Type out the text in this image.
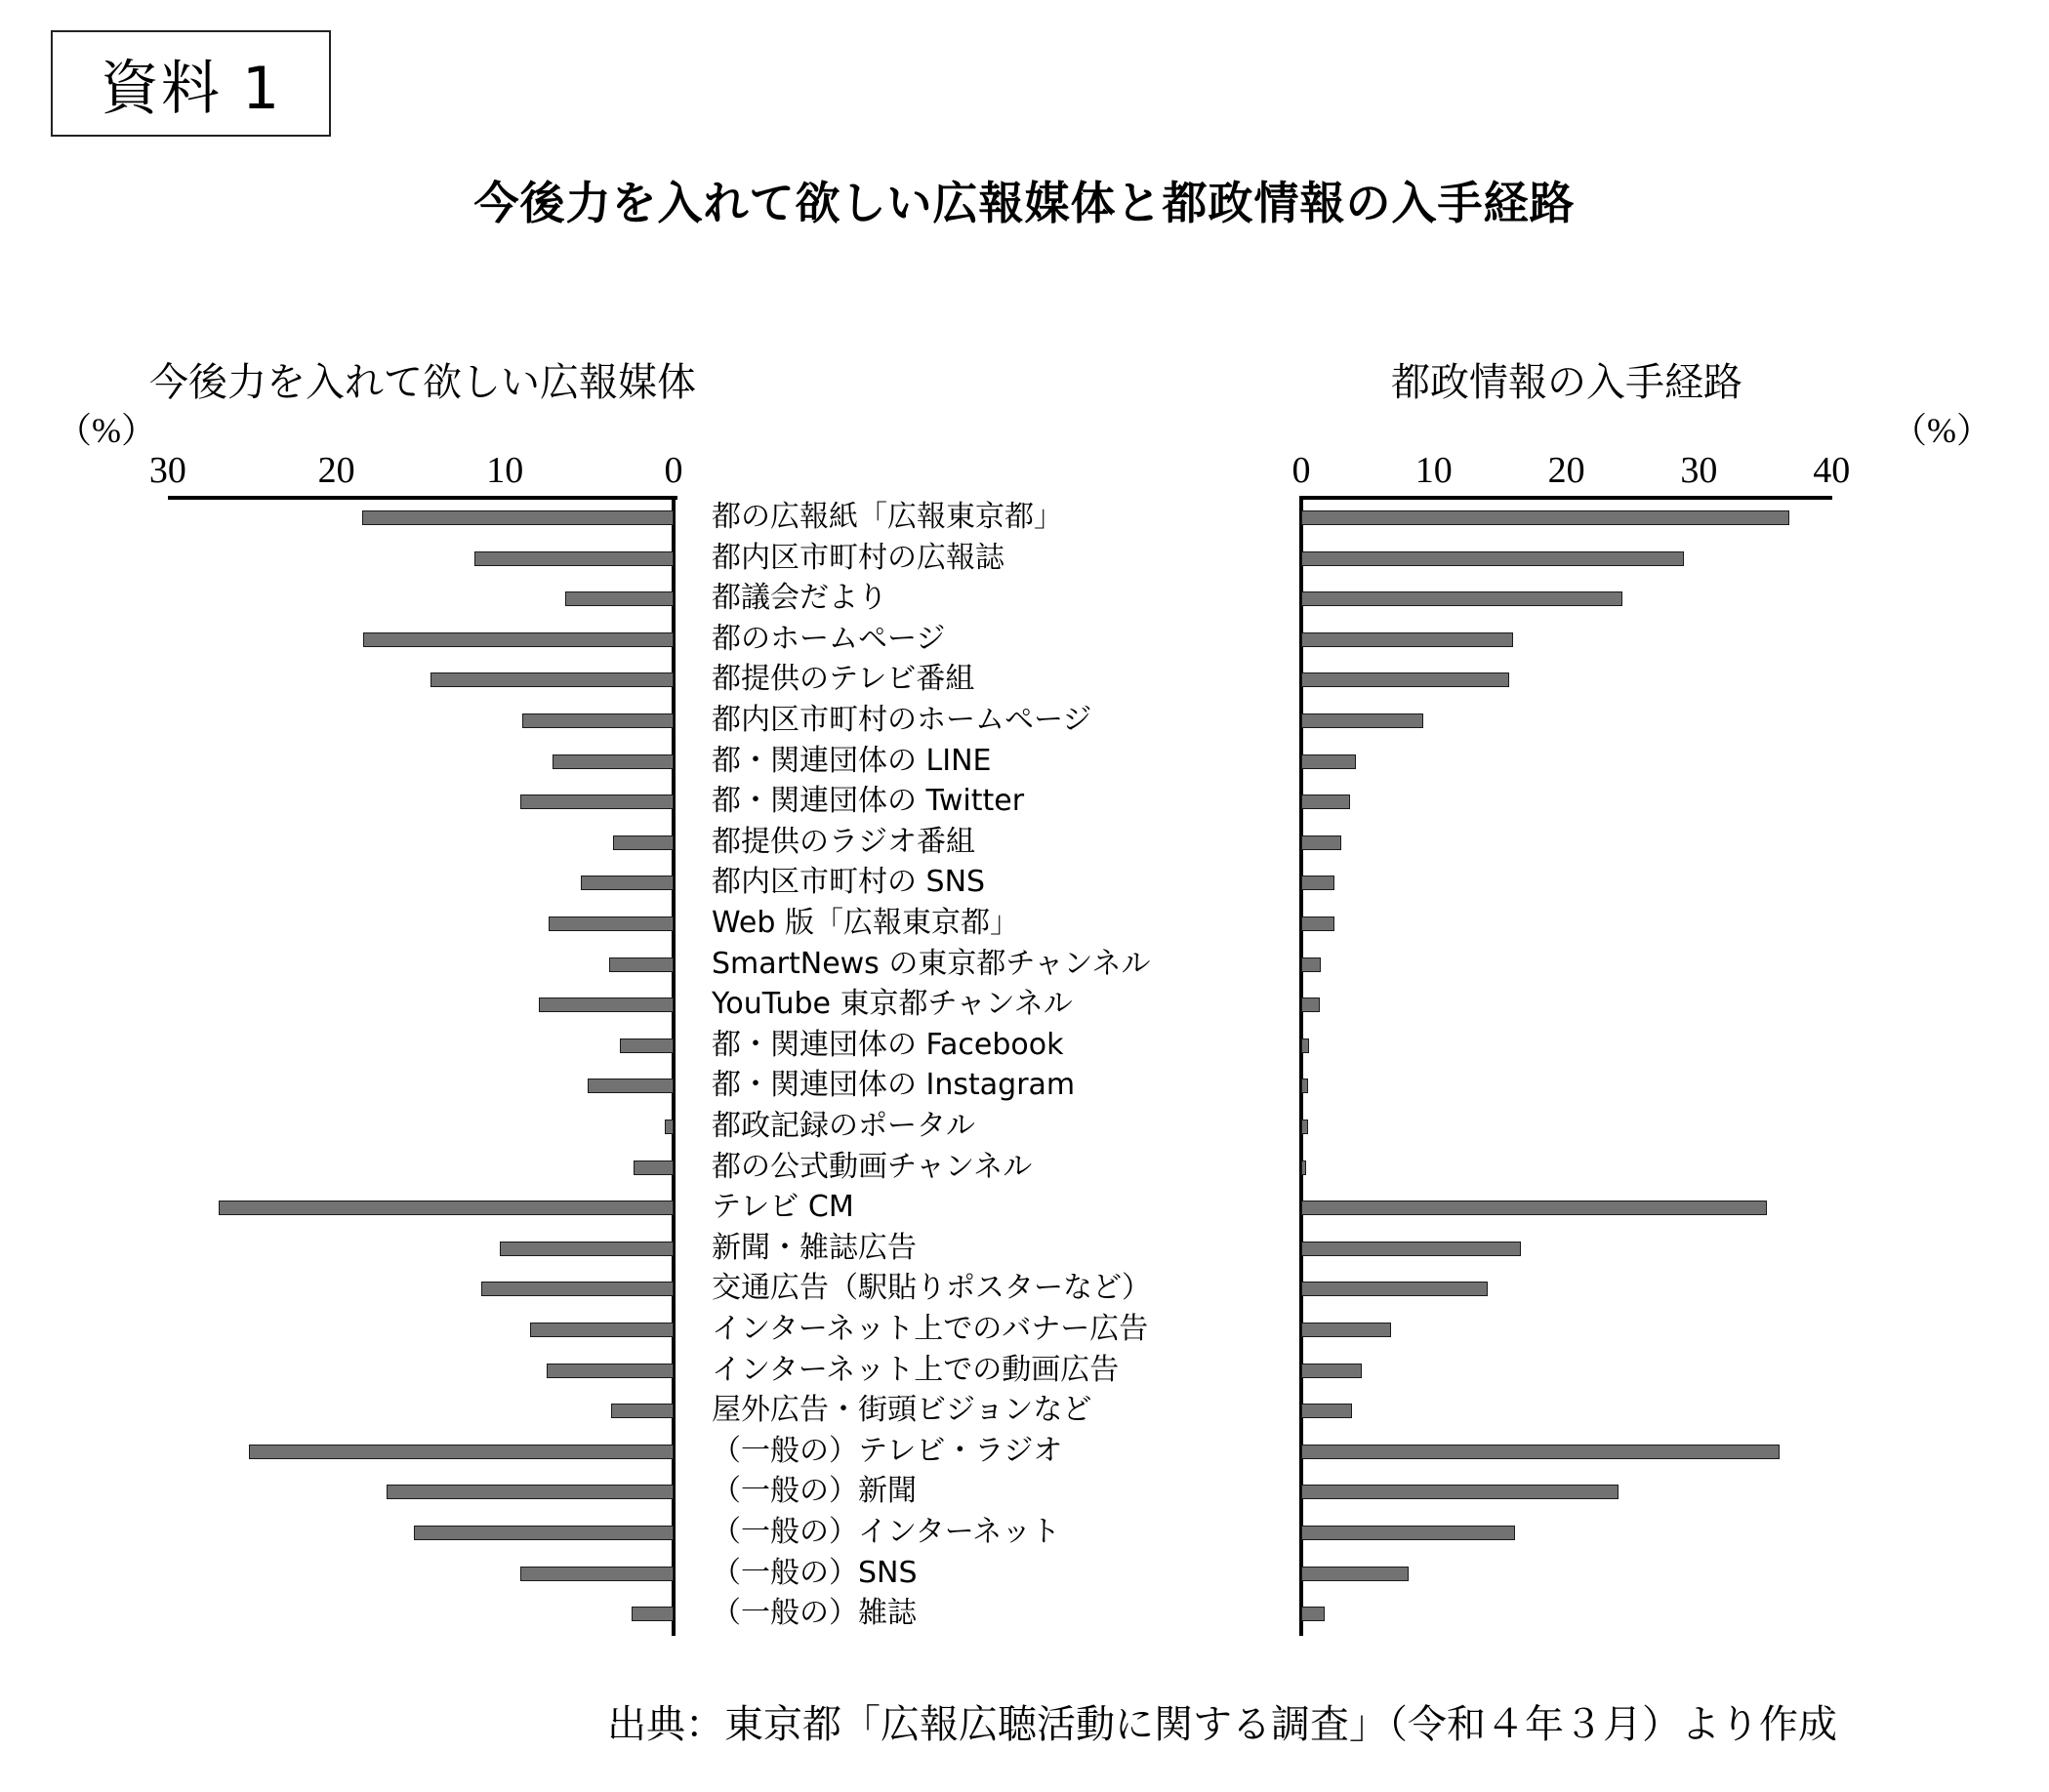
資料 1
今後力を入れて欲しい広報媒体と都政情報の入手経路
今後力を入れて欲しい広報媒体
（%）
30	20	10	0
都の広報紙「広報東京都」
都内区市町村の広報誌
都議会だより
都のホームページ
都提供のテレビ番組
都内区市町村のホームページ
都・関連団体の LINE
都・関連団体の Twitter
都提供のラジオ番組
都内区市町村の SNS
Web 版「広報東京都」
SmartNews の東京都チャンネル
YouTube 東京都チャンネル
都・関連団体の Facebook
都・関連団体の Instagram
都政記録のポータル
都の公式動画チャンネル
テレビ CM
新聞・雑誌広告
交通広告（駅貼りポスターなど）
インターネット上でのバナー広告
インターネット上での動画広告
屋外広告・街頭ビジョンなど
（一般の）テレビ・ラジオ
（一般の）新聞
（一般の）インターネット
（一般の）SNS
（一般の）雑誌
都政情報の入手経路
（%）
0	10	20	30	40
出典：東京都「広報広聴活動に関する調査」（令和４年３月）より作成
